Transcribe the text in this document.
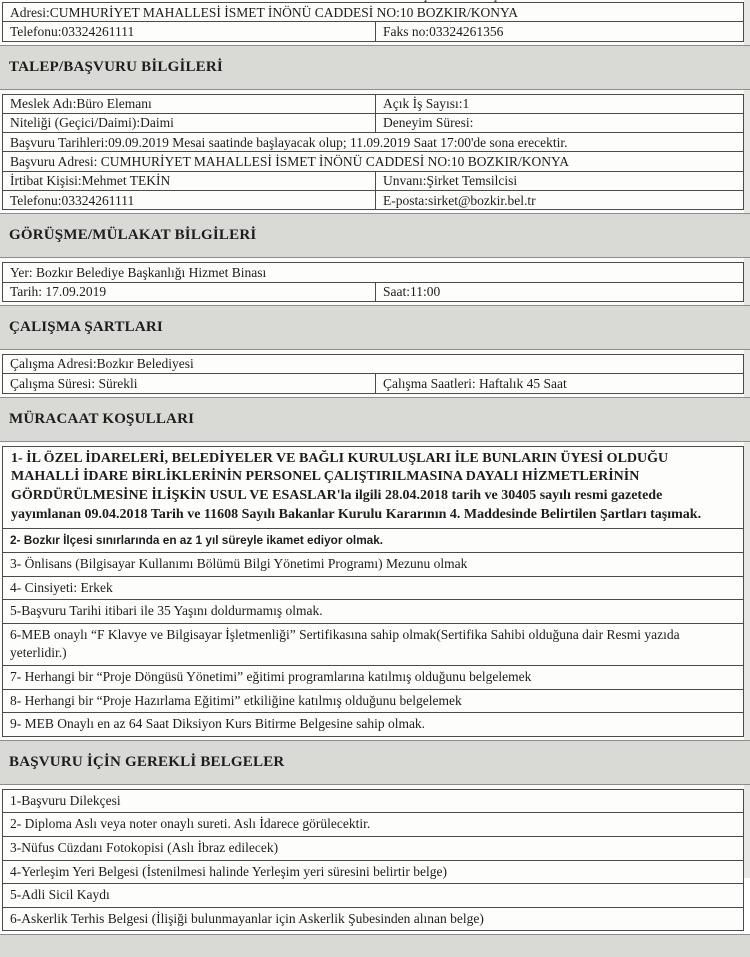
Adresi:CUMHURİYET MAHALLESİ İSMET İNÖNÜ CADDESİ NO:10 BOZKIR/KONYA
Telefonu:03324261111	Faks no:03324261356
TALEP/BAŞVURU BİLGİLERİ
Meslek Adı:Büro Elemanı	Açık İş Sayısı:1
Niteliği (Geçici/Daimi):Daimi	Deneyim Süresi:
Başvuru Tarihleri:09.09.2019 Mesai saatinde başlayacak olup; 11.09.2019 Saat 17:00'de sona erecektir.
Başvuru Adresi: CUMHURİYET MAHALLESİ İSMET İNÖNÜ CADDESİ NO:10 BOZKIR/KONYA
İrtibat Kişisi:Mehmet TEKİN	Unvanı:Şirket Temsilcisi
Telefonu:03324261111	E-posta:sirket@bozkir.bel.tr
GÖRÜŞME/MÜLAKAT BİLGİLERİ
Yer: Bozkır Belediye Başkanlığı Hizmet Binası
Tarih: 17.09.2019	Saat:11:00
ÇALIŞMA ŞARTLARI
Çalışma Adresi:Bozkır Belediyesi
Çalışma Süresi: Sürekli	Çalışma Saatleri: Haftalık 45 Saat
MÜRACAAT KOŞULLARI
1- İL ÖZEL İDARELERİ, BELEDİYELER VE BAĞLI KURULUŞLARI İLE BUNLARIN ÜYESİ OLDUĞU MAHALLİ İDARE BİRLİKLERİNİN PERSONEL ÇALIŞTIRILMASINA DAYALI HİZMETLERİNİN GÖRDÜRÜLMESİNE İLİŞKİN USUL VE ESASLAR'la ilgili 28.04.2018 tarih ve 30405 sayılı resmi gazetede yayımlanan 09.04.2018 Tarih ve 11608 Sayılı Bakanlar Kurulu Kararının 4. Maddesinde Belirtilen Şartları taşımak.
2- Bozkır İlçesi sınırlarında en az 1 yıl süreyle ikamet ediyor olmak.
3- Önlisans (Bilgisayar Kullanımı Bölümü Bilgi Yönetimi Programı) Mezunu olmak
4- Cinsiyeti: Erkek
5-Başvuru Tarihi itibari ile 35 Yaşını doldurmamış olmak.
6-MEB onaylı “F Klavye ve Bilgisayar İşletmenliği” Sertifikasına sahip olmak(Sertifika Sahibi olduğuna dair Resmi yazıda yeterlidir.)
7- Herhangi bir “Proje Döngüsü Yönetimi” eğitimi programlarına katılmış olduğunu belgelemek
8- Herhangi bir “Proje Hazırlama Eğitimi” etkiliğine katılmış olduğunu belgelemek
9- MEB Onaylı en az 64 Saat Diksiyon Kurs Bitirme Belgesine sahip olmak.
BAŞVURU İÇİN GEREKLİ BELGELER
1-Başvuru Dilekçesi
2- Diploma Aslı veya noter onaylı sureti. Aslı İdarece görülecektir.
3-Nüfus Cüzdanı Fotokopisi (Aslı İbraz edilecek)
4-Yerleşim Yeri Belgesi (İstenilmesi halinde Yerleşim yeri süresini belirtir belge)
5-Adli Sicil Kaydı
6-Askerlik Terhis Belgesi (İlişiği bulunmayanlar için Askerlik Şubesinden alınan belge)
